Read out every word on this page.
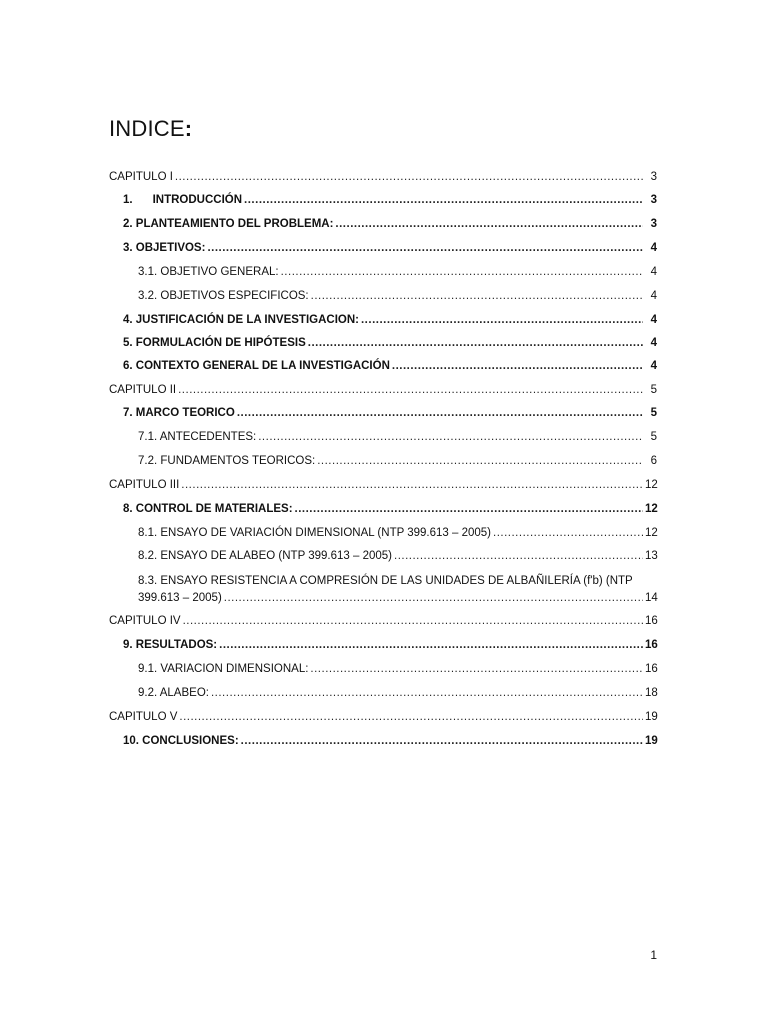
INDICE:
CAPITULO I .....	3
1. INTRODUCCIÓN .....	3
2. PLANTEAMIENTO DEL PROBLEMA: .....	3
3. OBJETIVOS: .....	4
3.1. OBJETIVO GENERAL: .....	4
3.2. OBJETIVOS ESPECIFICOS: .....	4
4. JUSTIFICACIÓN DE LA INVESTIGACION: .....	4
5. FORMULACIÓN DE HIPÓTESIS .....	4
6. CONTEXTO GENERAL DE LA INVESTIGACIÓN .....	4
CAPITULO II .....	5
7. MARCO TEORICO .....	5
7.1. ANTECEDENTES: .....	5
7.2. FUNDAMENTOS TEORICOS: .....	6
CAPITULO III .....	12
8. CONTROL DE MATERIALES: .....	12
8.1. ENSAYO DE VARIACIÓN DIMENSIONAL (NTP 399.613 – 2005) .....	12
8.2. ENSAYO DE ALABEO (NTP 399.613 – 2005) .....	13
8.3. ENSAYO RESISTENCIA A COMPRESIÓN DE LAS UNIDADES DE ALBAÑILERÍA (f'b) (NTP
399.613 – 2005) .....	14
CAPITULO IV .....	16
9. RESULTADOS: .....	16
9.1. VARIACION DIMENSIONAL: .....	16
9.2. ALABEO: .....	18
CAPITULO V .....	19
10. CONCLUSIONES: .....	19
1
